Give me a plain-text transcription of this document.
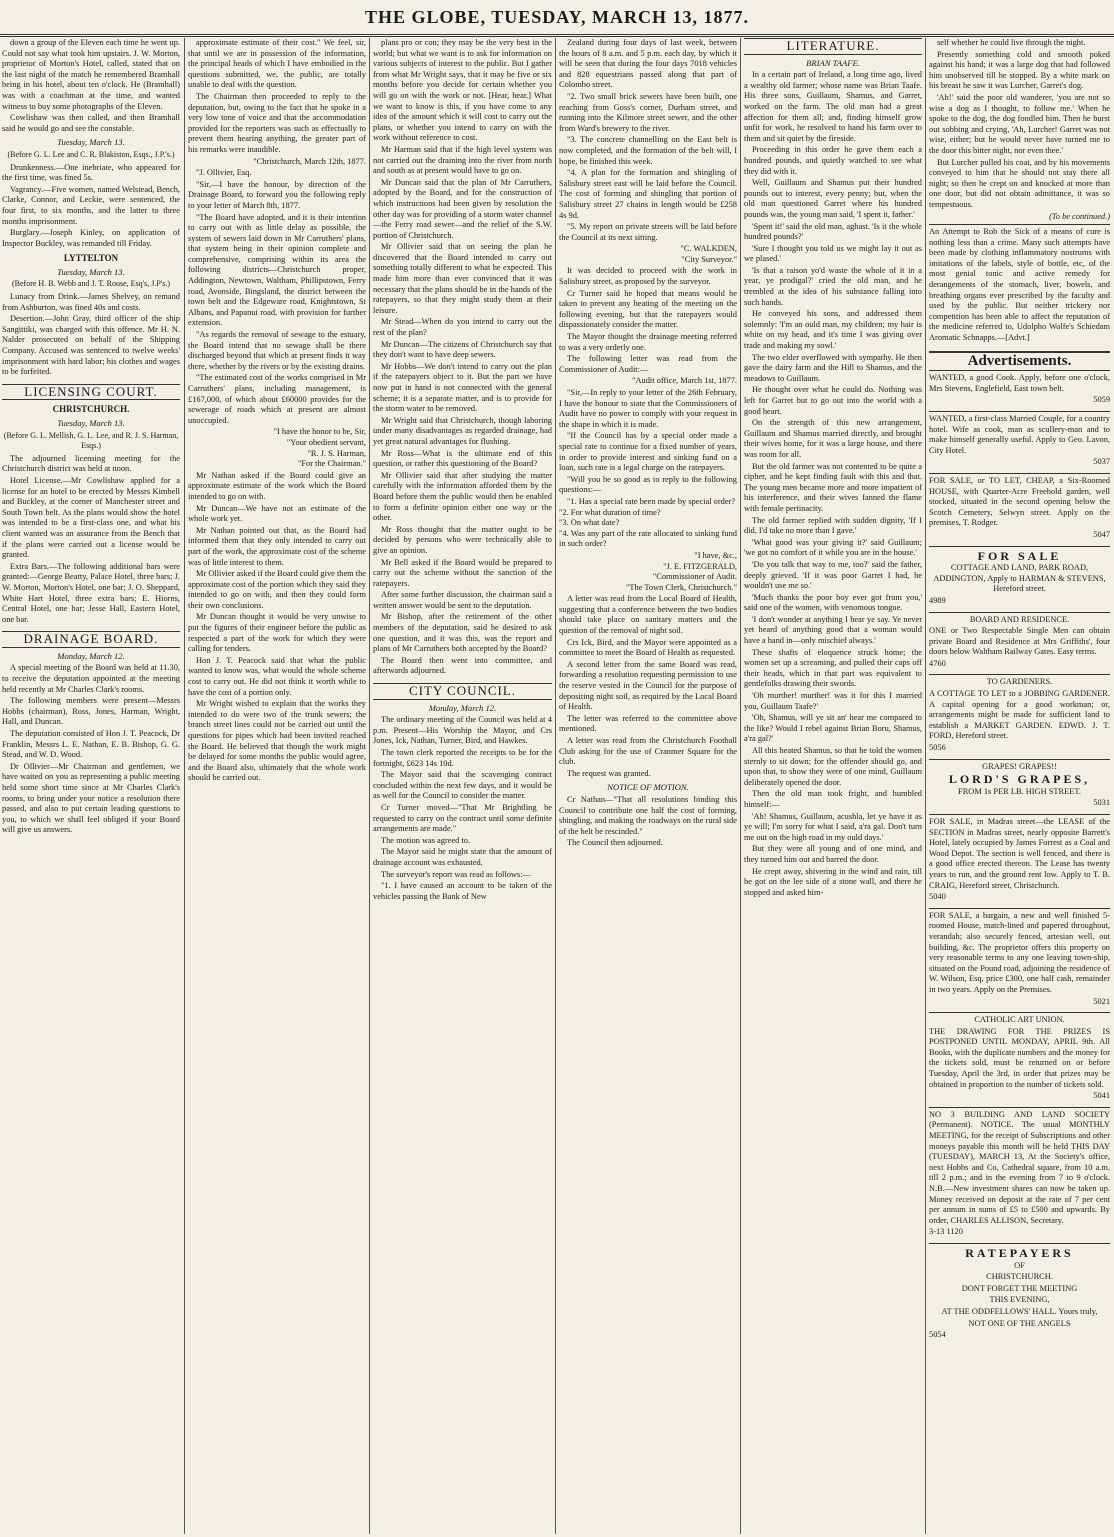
THE GLOBE, TUESDAY, MARCH 13, 1877.

down a group of the Eleven each time he went up. Could not say what took him upstairs. J. W. Morton, proprietor of Morton's Hotel, called, stated that on the last night of the match he remembered Bramhall being in his hotel, about ten o'clock. He (Bramhall) was with a coachman at the time, and wanted witness to buy some photographs of the Eleven.

Cowlishaw was then called, and then Bramhall said he would go and see the constable.

Tuesday, March 13.
(Before G. L. Lee and C. R. Blakiston, Esqs., J.P.'s.)

Drunkenness.—One inebriate, who appeared for the first time, was fined 5s.

Vagrancy.—Five women, named Welstead, Bench, Clarke, Connor, and Leckie, were sentenced, the four first, to six months, and the latter to three months imprisonment.

Burglary.—Joseph Kinley, on application of Inspector Buckley, was remanded till Friday.

LYTTELTON
Tuesday, March 13.
(Before H. B. Webb and J. T. Rouse, Esq's, J.P's.)

Lunacy from Drink.—James Shelvey, on remand from Ashburton, was fined 40s and costs.

Desertion.—John Gray, third officer of the ship Sangittiki, was charged with this offence. Mr H. N. Nalder prosecuted on behalf of the Shipping Company. Accused was sentenced to twelve weeks' imprisonment with hard labor; his clothes and wages to be forfeited.

LICENSING COURT.
CHRISTCHURCH.
Tuesday, March 13.
(Before G. L. Mellish, G. L. Lee, and R. J. S. Harman, Esqs.)

The adjourned licensing meeting for the Christchurch district was held at noon.

Hotel License.—Mr Cowlishaw applied for a license for an hotel to be erected by Messrs Kimbell and Buckley, at the corner of Manchester street and South Town belt. As the plans would show the hotel was intended to be a first-class one, and what his client wanted was an assurance from the Bench that if the plans were carried out a license would be granted.

Extra Bars.—The following additional bars were granted:—George Beatty, Palace Hotel, three bars; J. W. Morton, Morton's Hotel, one bar; J. O. Sheppard, White Hart Hotel, three extra bars; E. Hiorns, Central Hotel, one bar; Jesse Hall, Eastern Hotel, one bar.

DRAINAGE BOARD.
Monday, March 12.

A special meeting of the Board was held at 11.30, to receive the deputation appointed at the meeting held recently at Mr Charles Clark's rooms.

The following members were present—Messrs Hobbs (chairman), Ross, Jones, Harman, Wright, Hall, and Duncan.

The deputation consisted of Hon J. T. Peacock, Dr Franklin, Messrs L. E. Nathan, E. B. Bishop, G. G. Stead, and W. D. Wood.

Dr Ollivier—Mr Chairman and gentlemen, we have waited on you as representing a public meeting held some short time since at Mr Charles Clark's rooms, to bring under your notice a resolution there passed, and also to put certain leading questions to you, to which we shall feel obliged if your Board will give us answers.

approximate estimate of their cost." We feel, sir, that until we are in possession of the information, the principal heads of which I have embodied in the questions submitted, we, the public, are totally unable to deal with the question.

The Chairman then proceeded to reply to the deputation, but, owing to the fact that he spoke in a very low tone of voice and that the accommodation provided for the reporters was such as effectually to prevent them hearing anything, the greater part of his remarks were inaudible.

"Christchurch, March 12th, 1877.

"J. Ollivier, Esq.

"Sir,—I have the honour, by direction of the Drainage Board, to forward you the following reply to your letter of March 8th, 1877.

"The Board have adopted, and it is their intention to carry out with as little delay as possible, the system of sewers laid down in Mr Carruthers' plans, that system being in their opinion complete and comprehensive, comprising within its area the following districts—Christchurch proper, Addington, Newtown, Waltham, Phillipstown, Ferry road, Avonside, Bingsland, the district between the town belt and the Edgeware road, Knightstown, St Albans, and Papanui road, with provision for further extension.

"As regards the removal of sewage to the estuary, the Board intend that no sewage shall be there discharged beyond that which at present finds it way there, whether by the rivers or by the existing drains.

"The estimated cost of the works comprised in Mr Carruthers' plans, including management, is £167,000, of which about £60000 provides for the sewerage of roads which at present are almost unoccupied.

"I have the honor to be, Sir,
"Your obedient servant,
"R. J. S. Harman,
"For the Chairman."

Mr Nathan asked if the Board could give an approximate estimate of the work which the Board intended to go on with.

Mr Duncan—We have not an estimate of the whole work yet.

Mr Nathan pointed out that, as the Board had informed them that they only intended to carry out part of the work, the approximate cost of the scheme was of little interest to them.

Mr Ollivier asked if the Board could give them the approximate cost of the portion which they said they intended to go on with, and then they could form their own conclusions.

Mr Duncan thought it would be very unwise to put the figures of their engineer before the public as respected a part of the work for which they were calling for tenders.

Hon J. T. Peacock said that what the public wanted to know was, what would the whole scheme cost to carry out. He did not think it worth while to have the cost of a portion only.

Mr Wright wished to explain that the works they intended to do were two of the trunk sewers; the branch street lines could not be carried out until the questions for pipes which had been invited reached the Board. He believed that though the work might be delayed for some months the public would agree, and the Board also, ultimately that the whole work should be carried out.

plans pro or con; they may be the very best in the world; but what we want is to ask for information on various subjects of interest to the public. But I gather from what Mr Wright says, that it may be five or six months before you decide for certain whether you will go on with the work or not. [Hear, hear.] What we want to know is this, if you have come to any idea of the amount which it will cost to carry out the plans, or whether you intend to carry on with the work without reference to cost.

Mr Harman said that if the high level system was not carried out the draining into the river from north and south as at present would have to go on.

Mr Duncan said that the plan of Mr Carruthers, adopted by the Board, and for the construction of which instructions had been given by resolution the other day was for providing of a storm water channel—the Ferry road sewer—and the relief of the S.W. portion of Christchurch.

Mr Ollivier said that on seeing the plan he discovered that the Board intended to carry out something totally different to what he expected. This made him more than ever convinced that it was necessary that the plans should be in the hands of the ratepayers, so that they might study them at their leisure.

Mr Stead—When do you intend to carry out the rest of the plan?

Mr Duncan—The citizens of Christchurch say that they don't want to have deep sewers.

Mr Hobbs—We don't intend to carry out the plan if the ratepayers object to it. But the part we have now put in hand is not connected with the general scheme; it is a separate matter, and is to provide for the storm water to be removed.

Mr Wright said that Christchurch, though laboring under many disadvantages as regarded drainage, had yet great natural advantages for flushing.

Mr Ross—What is the ultimate end of this question, or rather this questioning of the Board?

Mr Ollivier said that after studying the matter carefully with the information afforded them by the Board before them the public would then be enabled to form a definite opinion either one way or the other.

Mr Ross thought that the matter ought to be decided by persons who were technically able to give an opinion.

Mr Bell asked if the Board would be prepared to carry out the scheme without the sanction of the ratepayers.

After some further discussion, the chairman said a written answer would be sent to the deputation.

Mr Bishop, after the retirement of the other members of the deputation, said he desired to ask one question, and it was this, was the report and plans of Mr Carruthers both accepted by the Board?

The Board then went into committee, and afterwards adjourned.

CITY COUNCIL.
Monday, March 12.

The ordinary meeting of the Council was held at 4 p.m. Present—His Worship the Mayor, and Crs Jones, Ick, Nathan, Turner, Bird, and Hawkes.

The town clerk reported the receipts to be for the fortnight, £623 14s 10d.

The Mayor said that the scavenging contract concluded within the next few days, and it would be as well for the Council to consider the matter.

Cr Turner moved—"That Mr Brightling be requested to carry on the contract until some definite arrangements are made."

The motion was agreed to.

The Mayor said he might state that the amount of drainage account was exhausted.

The surveyor's report was read as follows:—

"1. I have caused an account to be taken of the vehicles passing the Bank of New

Zealand during four days of last week, between the hours of 8 a.m. and 5 p.m. each day, by which it will be seen that during the four days 7018 vehicles and 828 equestrians passed along that part of Colombo street.

"2. Two small brick sewers have been built, one reaching from Goss's corner, Durham street, and running into the Kilmore street sewer, and the other from Ward's brewery to the river.

"3. The concrete channelling on the East belt is now completed, and the formation of the belt will, I hope, be finished this week.

"4. A plan for the formation and shingling of Salisbury street east will be laid before the Council. The cost of forming and shingling that portion of Salisbury street 27 chains in length would be £258 4s 9d.

"5. My report on private streets will be laid before the Council at its next sitting.

"C. WALKDEN,
"City Surveyor."

It was decided to proceed with the work in Salisbury street, as proposed by the surveyor.

Cr Turner said he hoped that means would be taken to prevent any heating of the meeting on the following evening, but that the ratepayers would dispassionately consider the matter.

The Mayor thought the drainage meeting referred to was a very orderly one.

The following letter was read from the Commissioner of Audit:—

"Audit office, March 1st, 1877.

"Sir,—In reply to your letter of the 26th February, I have the honour to state that the Commissioners of Audit have no power to comply with your request in the shape in which it is made.

"If the Council has by a special order made a special rate to continue for a fixed number of years, in order to provide interest and sinking fund on a loan, such rate is a legal charge on the ratepayers.

"Will you be so good as to reply to the following questions:—

"1. Has a special rate been made by special order?
"2. For what duration of time?
"3. On what date?
"4. Was any part of the rate allocated to sinking fund in such order?

"I have, &c.,
"J. E. FITZGERALD,
"Commissioner of Audit.
"The Town Clerk, Christchurch."

A letter was read from the Local Board of Health, suggesting that a conference between the two bodies should take place on sanitary matters and the question of the removal of night soil.

Crs Ick, Bird, and the Mayor were appointed as a committee to meet the Board of Health as requested.

A second letter from the same Board was read, forwarding a resolution requesting permission to use the reserve vested in the Council for the purpose of depositing night soil, as required by the Local Board of Health.

The letter was referred to the committee above mentioned.

A letter was read from the Christchurch Football Club asking for the use of Cranmer Square for the club.

The request was granted.

NOTICE OF MOTION.

Cr Nathan—"That all resolutions binding this Council to contribute one half the cost of forming, shingling, and making the roadways on the rural side of the belt be rescinded."

The Council then adjourned.

LITERATURE.
BRIAN TAAFE.

In a certain part of Ireland, a long time ago, lived a wealthy old farmer; whose name was Brian Taafe. His three sons, Guillaum, Shamus, and Garret, worked on the farm. The old man had a great affection for them all; and, finding himself grow unfit for work, he resolved to hand his farm over to them and sit quiet by the fireside.

Proceeding in this order he gave them each a hundred pounds, and quietly watched to see what they did with it.

Well, Guillaum and Shamus put their hundred pounds out to interest, every penny; but, when the old man questioned Garret where his hundred pounds was, the young man said, 'I spent it, father.'

'Spent it!' said the old man, aghast. 'Is it the whole hundred pounds?'

'Sure I thought you told us we might lay it out as we plased.'

'Is that a raison yo'd waste the whole of it in a year, ye prodigal?' cried the old man, and he trembled at the idea of his substance falling into such hands.

He conveyed his sons, and addressed them solemnly: 'I'm an ould man, my children; my hair is white on my head, and it's time I was giving over trade and making my sowl.'

The two elder overflowed with sympathy. He then gave the dairy farm and the Hill to Shamus, and the meadows to Guillaum.

He thought over what he could do. Nothing was left for Garret but to go out into the world with a good heart.

On the strength of this new arrangement, Guillaum and Shamus married directly, and brought their wives home, for it was a large house, and there was room for all.

But the old farmer was not contented to be quite a cipher, and he kept finding fault with this and that. The young men became more and more impatient of his interference, and their wives fanned the flame with female pertinacity.

The old farmer replied with sudden dignity, 'If I did, I'd take no more than I gave.'

'What good was your giving it?' said Guillaum; 'we got no comfort of it while you are in the house.'

'Do you talk that way to me, too?' said the father, deeply grieved. 'If it was poor Garret I had, he wouldn't use me so.'

'Much thanks the poor boy ever got from you,' said one of the women, with venomous tongue.

'I don't wonder at anything I hear ye say. Ye never yet heard of anything good that a woman would have a hand in—only mischief always.'

These shafts of eloquence struck home; the women set up a screaming, and pulled their caps off their heads, which in that part was equivalent to gentlefolks drawing their swords.

'Oh murther! murther! was it for this I married you, Guillaum Taafe?'

'Oh, Shamus, will ye sit an' hear me compared to the like? Would I rebel against Brian Boru, Shamus, a'ra gal?'

All this heated Shamus, so that he told the women sternly to sit down; for the offender should go, and upon that, to show they were of one mind, Guillaum deliberately opened the door.

Then the old man took fright, and humbled himself:—

'Ah! Shamus, Guillaum, acushla, let ye have it as ye will; I'm sorry for what I said, a'ra gal. Don't turn me out on the high road in my ould days.'

But they were all young and of one mind, and they turned him out and barred the door.

He crept away, shivering in the wind and rain, till he got on the lee side of a stone wall, and there he stopped and asked him-

self whether he could live through the night.

Presently something cold and smooth poked against his hand; it was a large dog that had followed him unobserved till he stopped. By a white mark on his breast he saw it was Lurcher, Garret's dog.

'Ah!' said the poor old wanderer, 'you are not so wise a dog as I thought, to follow me.' When he spoke to the dog, the dog fondled him. Then he burst out sobbing and crying, 'Ah, Lurcher! Garret was not wise, either; but he would never have turned me to the door this bitter night, nor even thee.'

But Lurcher pulled his coat, and by his movements conveyed to him that he should not stay there all night; so then he crept on and knocked at more than one door, but did not obtain admittance, it was so tempestuous.

(To be continued.)

An Attempt to Rob the Sick of a means of cure is nothing less than a crime. Many such attempts have been made by clothing inflammatory nostrums with imitations of the labels, style of bottle, etc, of the most genial tonic and active remedy for derangements of the stomach, liver, bowels, and breathing organs ever prescribed by the faculty and used by the public. But neither trickery nor competition has been able to affect the reputation of the medicine referred to, Udolpho Wolfe's Schiedam Aromatic Schnapps.—[Advt.]

Advertisements.

WANTED, a good Cook. Apply, before one o'clock, Mrs Stevens, Englefield, East town belt.

5059

WANTED, a first-class Married Couple, for a country hotel. Wife as cook, man as scullery-man and to make himself generally useful. Apply to Geo. Lavon, City Hotel.

5037

FOR SALE, or TO LET, CHEAP, a Six-Roomed HOUSE, with Quarter-Acre Freehold garden, well stocked, situated in the second opening below the Scotch Cemetery, Selwyn street. Apply on the premises, T. Rodger.

5047

FOR SALE

COTTAGE AND LAND, PARK ROAD, ADDINGTON, Apply to HARMAN & STEVENS, Hereford street.

4989

BOARD AND RESIDENCE.

ONE or Two Respectable Single Men can obtain private Board and Residence at Mrs Griffiths', four doors below Waltham Railway Gates. Easy terms.

4760

TO GARDENERS.

A COTTAGE TO LET to a JOBBING GARDENER. A capital opening for a good workman; or, arrangements might be made for sufficient land to establish a MARKET GARDEN. EDWD. J. T. FORD, Hereford street.

5056

GRAPES! GRAPES!!

LORD'S GRAPES,

FROM 1s PER LB. HIGH STREET.

5031

FOR SALE, in Madras street—the LEASE of the SECTION in Madras street, nearly opposite Barrett's Hotel, lately occupied by James Forrest as a Coal and Wood Depot. The section is well fenced, and there is a good office erected thereon. The Lease has twenty years to run, and the ground rent low. Apply to T. B. CRAIG, Hereford street, Christchurch.

5040

FOR SALE, a bargain, a new and well finished 5-roomed House, match-lined and papered throughout, verandah; also securely fenced, artesian well, out building, &c. The proprietor offers this property on very reasonable terms to any one leaving town-ship, situated on the Pound road, adjoining the residence of W. Wilson, Esq, price £300, one half cash, remainder in two years. Apply on the Premises.

5021

CATHOLIC ART UNION.

THE DRAWING FOR THE PRIZES IS POSTPONED UNTIL MONDAY, APRIL 9th. All Books, with the duplicate numbers and the money for the tickets sold, must be returned on or before Tuesday, April the 3rd, in order that prizes may be obtained in proportion to the number of tickets sold.

5041

NO 3 BUILDING AND LAND SOCIETY (Permanent). NOTICE. The usual MONTHLY MEETING, for the receipt of Subscriptions and other moneys payable this month will be held THIS DAY (TUESDAY), MARCH 13, At the Society's office, next Hobbs and Co, Cathedral square, from 10 a.m. till 2 p.m.; and in the evening from 7 to 9 o'clock. N.B.—New investment shares can now be taken up. Money received on deposit at the rate of 7 per cent per annum in sums of £5 to £500 and upwards. By order, CHARLES ALLISON, Secretary.

3-13 1120

RATEPAYERS

OF

CHRISTCHURCH.

DONT FORGET THE MEETING

THIS EVENING,

AT THE ODDFELLOWS' HALL. Yours truly,

NOT ONE OF THE ANGELS

5054
